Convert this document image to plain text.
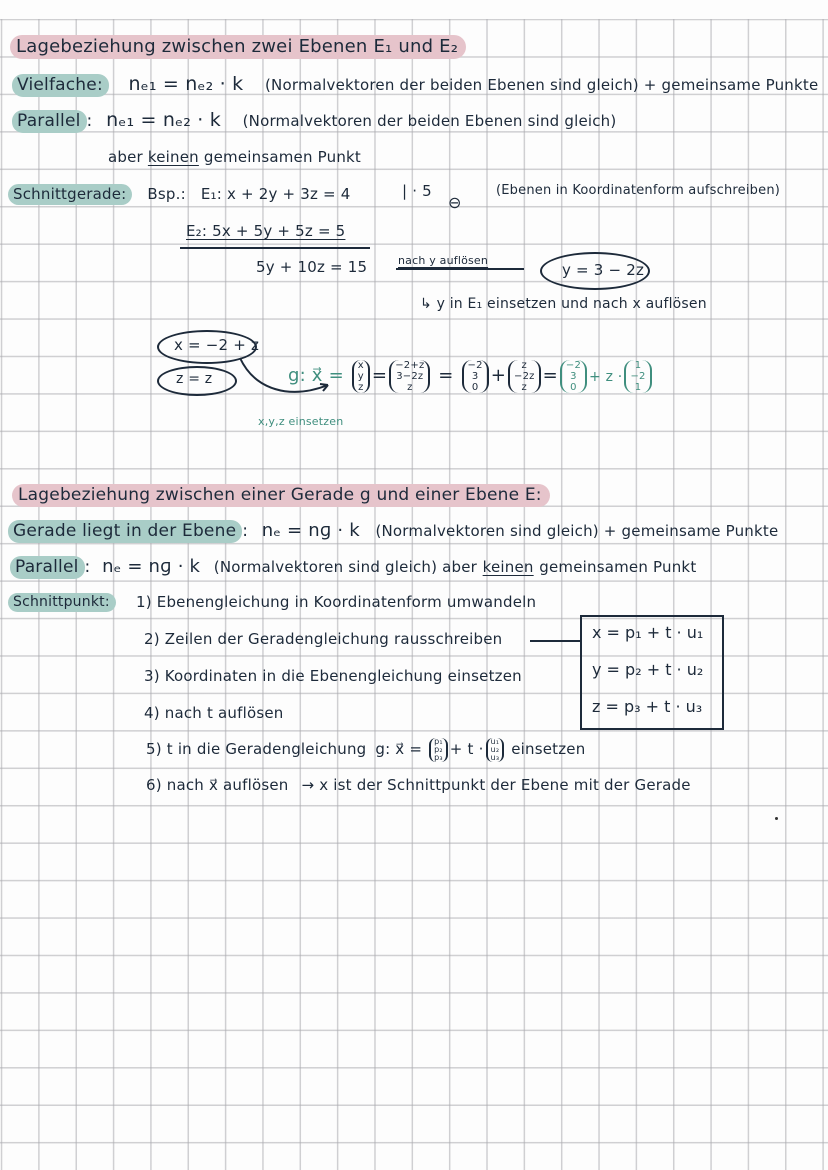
Lagebeziehung zwischen zwei Ebenen E₁ und E₂
Vielfache: nₑ₁ = nₑ₂ · k (Normalvektoren der beiden Ebenen sind gleich) + gemeinsame Punkte
Parallel : nₑ₁ = nₑ₂ · k (Normalvektoren der beiden Ebenen sind gleich)
aber keinen gemeinsamen Punkt
Schnittgerade: Bsp.: E₁: x + 2y + 3z = 4	| · 5
⊖
(Ebenen in Koordinatenform aufschreiben)
E₂: 5x + 5y + 5z = 5
5y + 10z = 15	nach y auflösen
y = 3 − 2z
↳ y in E₁ einsetzen und nach x auflösen
x = −2 + z
z = z
x,y,z einsetzen
g: x⃗ = x
y
z
= −2+z
3−2z
z
= −2
3
0
+ z
−2z
z
= −2
3
0
+ z ·
1
−2
1
Lagebeziehung zwischen einer Gerade g und einer Ebene E:
Gerade liegt in der Ebene : nₑ = nɡ · k (Normalvektoren sind gleich) + gemeinsame Punkte
Parallel : nₑ = nɡ · k (Normalvektoren sind gleich) aber keinen gemeinsamen Punkt
Schnittpunkt:	1) Ebenengleichung in Koordinatenform umwandeln
2) Zeilen der Geradengleichung rausschreiben
3) Koordinaten in die Ebenengleichung einsetzen
4) nach t auflösen
x = p₁ + t · u₁
y = p₂ + t · u₂
z = p₃ + t · u₃
5) t in die Geradengleichung g: x⃗ = p₁
p₂
p₃ + t · u₁
u₂
u₃ einsetzen
6) nach x⃗ auflösen → x ist der Schnittpunkt der Ebene mit der Gerade
